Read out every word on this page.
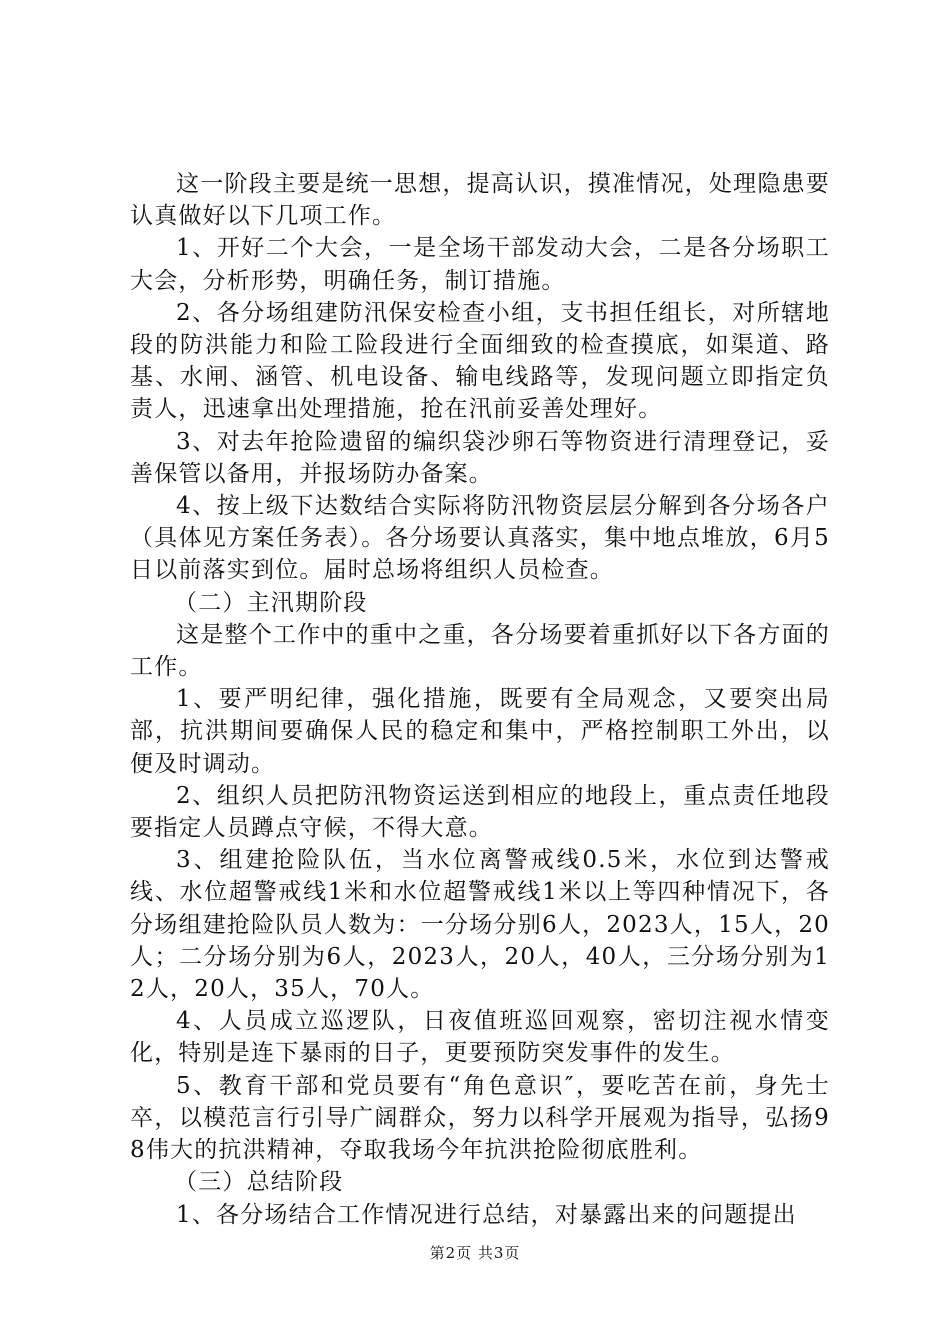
这一阶段主要是统一思想，提高认识，摸准情况，处理隐患要认真做好以下几项工作。

1、开好二个大会，一是全场干部发动大会，二是各分场职工大会，分析形势，明确任务，制订措施。

2、各分场组建防汛保安检查小组，支书担任组长，对所辖地段的防洪能力和险工险段进行全面细致的检查摸底，如渠道、路基、水闸、涵管、机电设备、输电线路等，发现问题立即指定负责人，迅速拿出处理措施，抢在汛前妥善处理好。

3、对去年抢险遗留的编织袋沙卵石等物资进行清理登记，妥善保管以备用，并报场防办备案。

4、按上级下达数结合实际将防汛物资层层分解到各分场各户（具体见方案任务表）。各分场要认真落实，集中地点堆放，6月5日以前落实到位。届时总场将组织人员检查。

（二）主汛期阶段

这是整个工作中的重中之重，各分场要着重抓好以下各方面的工作。

1、要严明纪律，强化措施，既要有全局观念，又要突出局部，抗洪期间要确保人民的稳定和集中，严格控制职工外出，以便及时调动。

2、组织人员把防汛物资运送到相应的地段上，重点责任地段要指定人员蹲点守候，不得大意。

3、组建抢险队伍，当水位离警戒线0.5米，水位到达警戒线、水位超警戒线1米和水位超警戒线1米以上等四种情况下，各分场组建抢险队员人数为：一分场分别6人，2023人，15人，20人；二分场分别为6人，2023人，20人，40人，三分场分别为12人，20人，35人，70人。

4、人员成立巡逻队，日夜值班巡回观察，密切注视水情变化，特别是连下暴雨的日子，更要预防突发事件的发生。

5、教育干部和党员要有“角色意识″，要吃苦在前，身先士卒，以模范言行引导广阔群众，努力以科学开展观为指导，弘扬98伟大的抗洪精神，夺取我场今年抗洪抢险彻底胜利。

（三）总结阶段

1、各分场结合工作情况进行总结，对暴露出来的问题提出

第2页 共3页
